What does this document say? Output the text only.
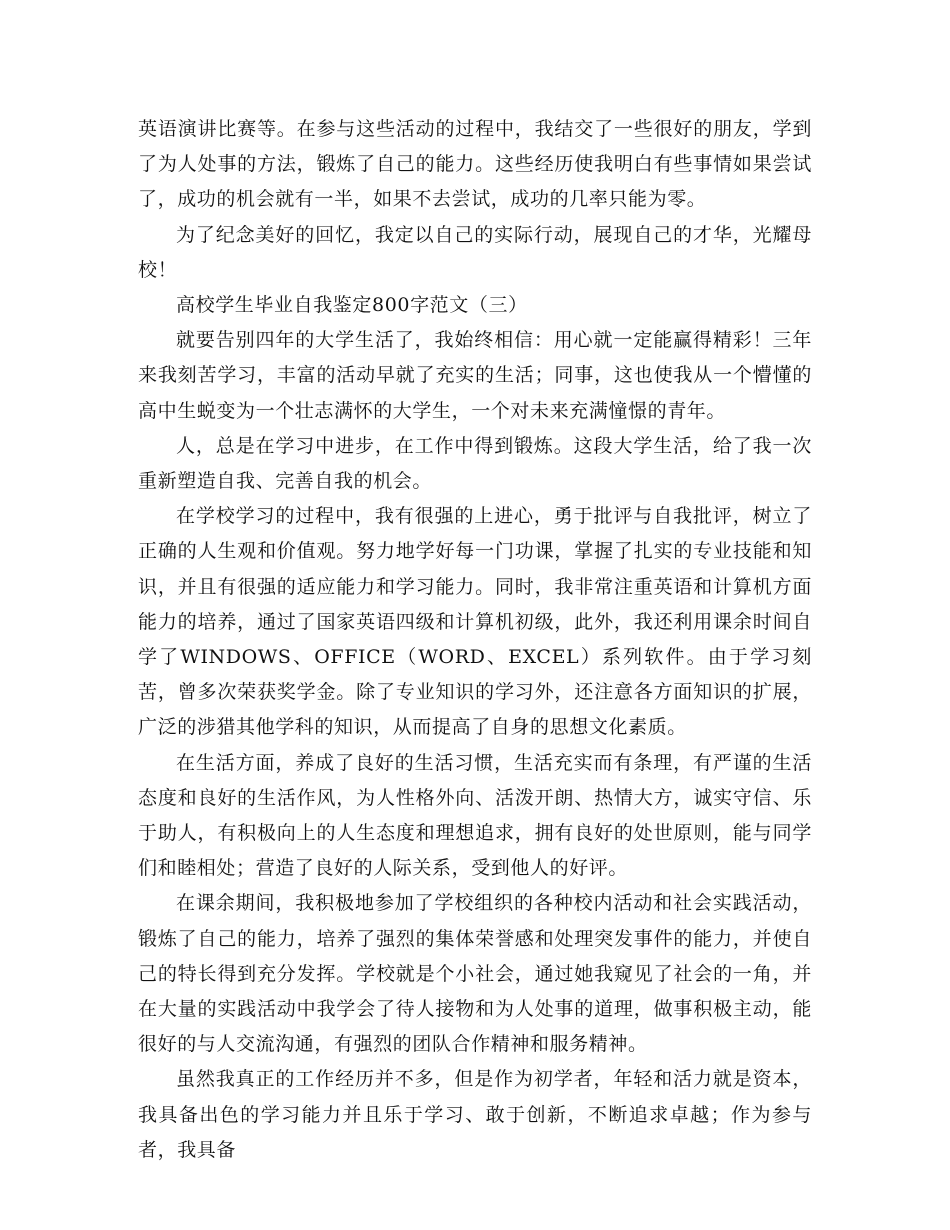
英语演讲比赛等。在参与这些活动的过程中，我结交了一些很好的朋友，学到了为人处事的方法，锻炼了自己的能力。这些经历使我明白有些事情如果尝试了，成功的机会就有一半，如果不去尝试，成功的几率只能为零。

为了纪念美好的回忆，我定以自己的实际行动，展现自己的才华，光耀母校！

高校学生毕业自我鉴定800字范文（三）

就要告别四年的大学生活了，我始终相信：用心就一定能赢得精彩！三年来我刻苦学习，丰富的活动早就了充实的生活；同事，这也使我从一个懵懂的高中生蜕变为一个壮志满怀的大学生，一个对未来充满憧憬的青年。

人，总是在学习中进步，在工作中得到锻炼。这段大学生活，给了我一次重新塑造自我、完善自我的机会。

在学校学习的过程中，我有很强的上进心，勇于批评与自我批评，树立了正确的人生观和价值观。努力地学好每一门功课，掌握了扎实的专业技能和知识，并且有很强的适应能力和学习能力。同时，我非常注重英语和计算机方面能力的培养，通过了国家英语四级和计算机初级，此外，我还利用课余时间自学了WINDOWS、OFFICE（WORD、EXCEL）系列软件。由于学习刻苦，曾多次荣获奖学金。除了专业知识的学习外，还注意各方面知识的扩展，广泛的涉猎其他学科的知识，从而提高了自身的思想文化素质。

在生活方面，养成了良好的生活习惯，生活充实而有条理，有严谨的生活态度和良好的生活作风，为人性格外向、活泼开朗、热情大方，诚实守信、乐于助人，有积极向上的人生态度和理想追求，拥有良好的处世原则，能与同学们和睦相处；营造了良好的人际关系，受到他人的好评。

在课余期间，我积极地参加了学校组织的各种校内活动和社会实践活动，锻炼了自己的能力，培养了强烈的集体荣誉感和处理突发事件的能力，并使自己的特长得到充分发挥。学校就是个小社会，通过她我窥见了社会的一角，并在大量的实践活动中我学会了待人接物和为人处事的道理，做事积极主动，能很好的与人交流沟通，有强烈的团队合作精神和服务精神。

虽然我真正的工作经历并不多，但是作为初学者，年轻和活力就是资本，我具备出色的学习能力并且乐于学习、敢于创新，不断追求卓越；作为参与者，我具备
